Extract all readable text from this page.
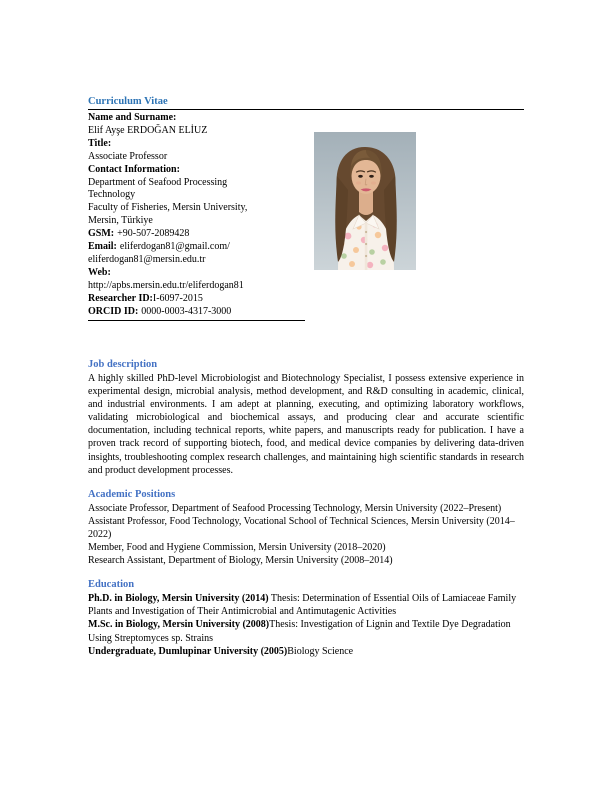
Curriculum Vitae
Name and Surname:
Elif Ayşe ERDOĞAN ELİUZ
Title:
Associate Professor
Contact Information:
Department of Seafood Processing
Technology
Faculty of Fisheries, Mersin University,
Mersin, Türkiye
GSM: +90-507-2089428
Email: eliferdogan81@gmail.com/
eliferdogan81@mersin.edu.tr
Web:
http://apbs.mersin.edu.tr/eliferdogan81
Researcher ID:I-6097-2015
ORCID ID: 0000-0003-4317-3000
Job description

A highly skilled PhD-level Microbiologist and Biotechnology Specialist, I possess extensive experience in experimental design, microbial analysis, method development, and R&D consulting in academic, clinical, and industrial environments. I am adept at planning, executing, and optimizing laboratory workflows, validating microbiological and biochemical assays, and producing clear and accurate scientific documentation, including technical reports, white papers, and manuscripts ready for publication. I have a proven track record of supporting biotech, food, and medical device companies by delivering data-driven insights, troubleshooting complex research challenges, and maintaining high scientific standards in research and product development processes.

Academic Positions

Associate Professor, Department of Seafood Processing Technology, Mersin University (2022–Present)

Assistant Professor, Food Technology, Vocational School of Technical Sciences, Mersin University (2014–2022)

Member, Food and Hygiene Commission, Mersin University (2018–2020)

Research Assistant, Department of Biology, Mersin University (2008–2014)

Education

Ph.D. in Biology, Mersin University (2014) Thesis: Determination of Essential Oils of Lamiaceae Family Plants and Investigation of Their Antimicrobial and Antimutagenic Activities

M.Sc. in Biology, Mersin University (2008)Thesis: Investigation of Lignin and Textile Dye Degradation Using Streptomyces sp. Strains

Undergraduate, Dumlupinar University (2005)Biology Science
